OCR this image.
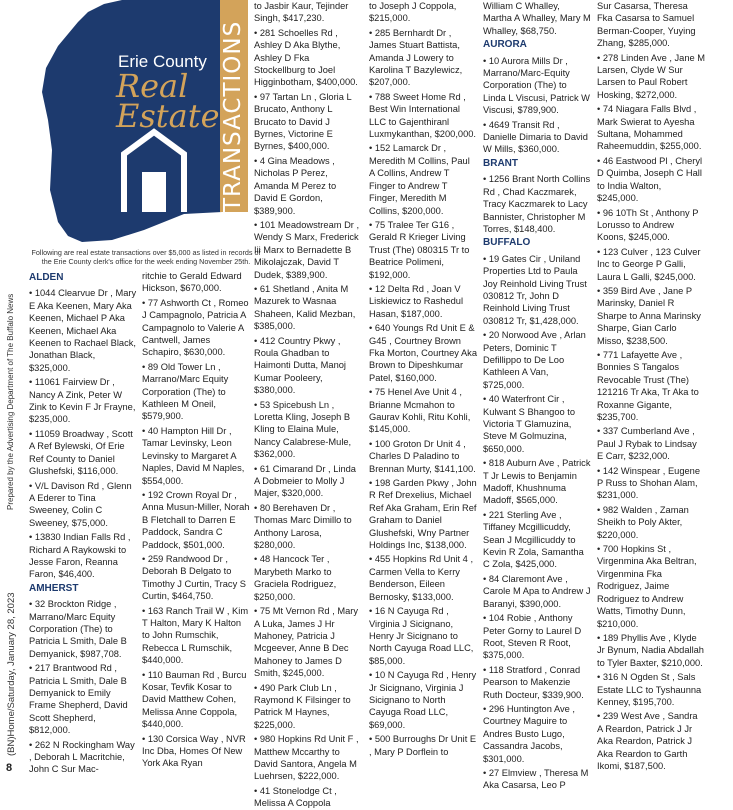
Prepared by the Advertising Department of The Buffalo News
(BN)Home/Saturday, January 28, 2023
8
Erie County
Real
Estate TRANSACTIONS
Following are real estate transactions over $5,000 as listed in records of the Erie County clerk's office for the week ending November 25th.

ALDEN

• 1044 Clearvue Dr , Mary E Aka Keenen, Mary Aka Keenen, Michael P Aka Keenen, Michael Aka Keenen to Rachael Black, Jonathan Black, $325,000.

• 11061 Fairview Dr , Nancy A Zink, Peter W Zink to Kevin F Jr Frayne, $235,000.

• 11059 Broadway , Scott A Ref Bylewski, Of Erie Ref County to Daniel Glushefski, $116,000.

• V/L Davison Rd , Glenn A Ederer to Tina Sweeney, Colin C Sweeney, $75,000.

• 13830 Indian Falls Rd , Richard A Raykowski to Jesse Faron, Reanna Faron, $46,400.

AMHERST

• 32 Brockton Ridge , Marrano/Marc Equity Corporation (The) to Patricia L Smith, Dale B Demyanick, $987,708.

• 217 Brantwood Rd , Patricia L Smith, Dale B Demyanick to Emily Frame Shepherd, David Scott Shepherd, $812,000.

• 262 N Rockingham Way , Deborah L Macritchie, John C Sur Mac-

ritchie to Gerald Edward Hickson, $670,000.

• 77 Ashworth Ct , Romeo J Campagnolo, Patricia A Campagnolo to Valerie A Cantwell, James Schapiro, $630,000.

• 89 Old Tower Ln , Marrano/Marc Equity Corporation (The) to Kathleen M Oneil, $579,900.

• 40 Hampton Hill Dr , Tamar Levinsky, Leon Levinsky to Margaret A Naples, David M Naples, $554,000.

• 192 Crown Royal Dr , Anna Musun-Miller, Norah B Fletchall to Darren E Paddock, Sandra C Paddock, $501,000.

• 259 Randwood Dr , Deborah B Delgato to Timothy J Curtin, Tracy S Curtin, $464,750.

• 163 Ranch Trail W , Kim T Halton, Mary K Halton to John Rumschik, Rebecca L Rumschik, $440,000.

• 110 Bauman Rd , Burcu Kosar, Tevfik Kosar to David Matthew Cohen, Melissa Anne Coppola, $440,000.

• 130 Corsica Way , NVR Inc Dba, Homes Of New York Aka Ryan

to Jasbir Kaur, Tejinder Singh, $417,230.

• 281 Schoelles Rd , Ashley D Aka Blythe, Ashley D Fka Stockellburg to Joel Higginbotham, $400,000.

• 97 Tartan Ln , Gloria L Brucato, Anthony L Brucato to David J Byrnes, Victorine E Byrnes, $400,000.

• 4 Gina Meadows , Nicholas P Perez, Amanda M Perez to David E Gordon, $389,900.

• 101 Meadowstream Dr , Wendy S Marx, Frederick Iii Marx to Bernadette B Mikolajczak, David T Dudek, $389,900.

• 61 Shetland , Anita M Mazurek to Wasnaa Shaheen, Kalid Mezban, $385,000.

• 412 Country Pkwy , Roula Ghadban to Haimonti Dutta, Manoj Kumar Pooleery, $380,000.

• 53 Spicebush Ln , Loretta Kling, Joseph B Kling to Elaina Mule, Nancy Calabrese-Mule, $362,000.

• 61 Cimarand Dr , Linda A Dobmeier to Molly J Majer, $320,000.

• 80 Berehaven Dr , Thomas Marc Dimillo to Anthony Larosa, $280,000.

• 48 Hancock Ter , Marybeth Marko to Graciela Rodriguez, $250,000.

• 75 Mt Vernon Rd , Mary A Luka, James J Hr Mahoney, Patricia J Mcgeever, Anne B Dec Mahoney to James D Smith, $245,000.

• 490 Park Club Ln , Raymond K Filsinger to Patrick M Haynes, $225,000.

• 980 Hopkins Rd Unit F , Matthew Mccarthy to David Santora, Angela M Luehrsen, $222,000.

• 41 Stonelodge Ct , Melissa A Coppola

to Joseph J Coppola, $215,000.

• 285 Bernhardt Dr , James Stuart Battista, Amanda J Lowery to Karolina T Bazylewicz, $207,000.

• 788 Sweet Home Rd , Best Win International LLC to Gajenthiranl Luxmykanthan, $200,000.

• 152 Lamarck Dr , Meredith M Collins, Paul A Collins, Andrew T Finger to Andrew T Finger, Meredith M Collins, $200,000.

• 75 Tralee Ter G16 , Gerald R Krieger Living Trust (The) 080315 Tr to Beatrice Polimeni, $192,000.

• 12 Delta Rd , Joan V Liskiewicz to Rashedul Hasan, $187,000.

• 640 Youngs Rd Unit E & G45 , Courtney Brown Fka Morton, Courtney Aka Brown to Dipeshkumar Patel, $160,000.

• 75 Henel Ave Unit 4 , Brianne Mcmahon to Gaurav Kohli, Ritu Kohli, $145,000.

• 100 Groton Dr Unit 4 , Charles D Paladino to Brennan Murty, $141,100.

• 198 Garden Pkwy , John R Ref Drexelius, Michael Ref Aka Graham, Erin Ref Graham to Daniel Glushefski, Wny Partner Holdings Inc, $138,000.

• 455 Hopkins Rd Unit 4 , Carmen Vella to Kerry Benderson, Eileen Bernosky, $133,000.

• 16 N Cayuga Rd , Virginia J Sicignano, Henry Jr Sicignano to North Cayuga Road LLC, $85,000.

• 10 N Cayuga Rd , Henry Jr Sicignano, Virginia J Sicignano to North Cayuga Road LLC, $69,000.

• 500 Burroughs Dr Unit E , Mary P Dorflein to

William C Whalley, Martha A Whalley, Mary M Whalley, $68,750.

AURORA

• 10 Aurora Mills Dr , Marrano/Marc-Equity Corporation (The) to Linda L Viscusi, Patrick W Viscusi, $789,900.

• 4649 Transit Rd , Danielle Dimaria to David W Mills, $360,000.

BRANT

• 1256 Brant North Collins Rd , Chad Kaczmarek, Tracy Kaczmarek to Lacy Bannister, Christopher M Torres, $148,400.

BUFFALO

• 19 Gates Cir , Uniland Properties Ltd to Paula Joy Reinhold Living Trust 030812 Tr, John D Reinhold Living Trust 030812 Tr, $1,428,000.

• 20 Norwood Ave , Arlan Peters, Dominic T Defillippo to De Loo Kathleen A Van, $725,000.

• 40 Waterfront Cir , Kulwant S Bhangoo to Victoria T Glamuzina, Steve M Golmuzina, $650,000.

• 818 Auburn Ave , Patrick T Jr Lewis to Benjamin Madoff, Khushnuma Madoff, $565,000.

• 221 Sterling Ave , Tiffaney Mcgillicuddy, Sean J Mcgillicuddy to Kevin R Zola, Samantha C Zola, $425,000.

• 84 Claremont Ave , Carole M Apa to Andrew J Baranyi, $390,000.

• 104 Robie , Anthony Peter Gorny to Laurel D Root, Steven R Root, $375,000.

• 118 Stratford , Conrad Pearson to Makenzie Ruth Docteur, $339,900.

• 296 Huntington Ave , Courtney Maguire to Andres Busto Lugo, Cassandra Jacobs, $301,000.

• 27 Elmview , Theresa M Aka Casarsa, Leo P

Sur Casarsa, Theresa Fka Casarsa to Samuel Berman-Cooper, Yuying Zhang, $285,000.

• 278 Linden Ave , Jane M Larsen, Clyde W Sur Larsen to Paul Robert Hosking, $272,000.

• 74 Niagara Falls Blvd , Mark Swierat to Ayesha Sultana, Mohammed Raheemuddin, $255,000.

• 46 Eastwood Pl , Cheryl D Quimba, Joseph C Hall to India Walton, $245,000.

• 96 10Th St , Anthony P Lorusso to Andrew Koons, $245,000.

• 123 Culver , 123 Culver Inc to George P Galli, Laura L Galli, $245,000.

• 359 Bird Ave , Jane P Marinsky, Daniel R Sharpe to Anna Marinsky Sharpe, Gian Carlo Misso, $238,500.

• 771 Lafayette Ave , Bonnies S Tangalos Revocable Trust (The) 121216 Tr Aka, Tr Aka to Roxanne Gigante, $235,700.

• 337 Cumberland Ave , Paul J Rybak to Lindsay E Carr, $232,000.

• 142 Winspear , Eugene P Russ to Shohan Alam, $231,000.

• 982 Walden , Zaman Sheikh to Poly Akter, $220,000.

• 700 Hopkins St , Virgenmina Aka Beltran, Virgenmina Fka Rodriguez, Jaime Rodriguez to Andrew Watts, Timothy Dunn, $210,000.

• 189 Phyllis Ave , Klyde Jr Bynum, Nadia Abdallah to Tyler Baxter, $210,000.

• 316 N Ogden St , Sals Estate LLC to Tyshaunna Kenney, $195,700.

• 239 West Ave , Sandra A Reardon, Patrick J Jr Aka Reardon, Patrick J Aka Reardon to Garth Ikomi, $187,500.
